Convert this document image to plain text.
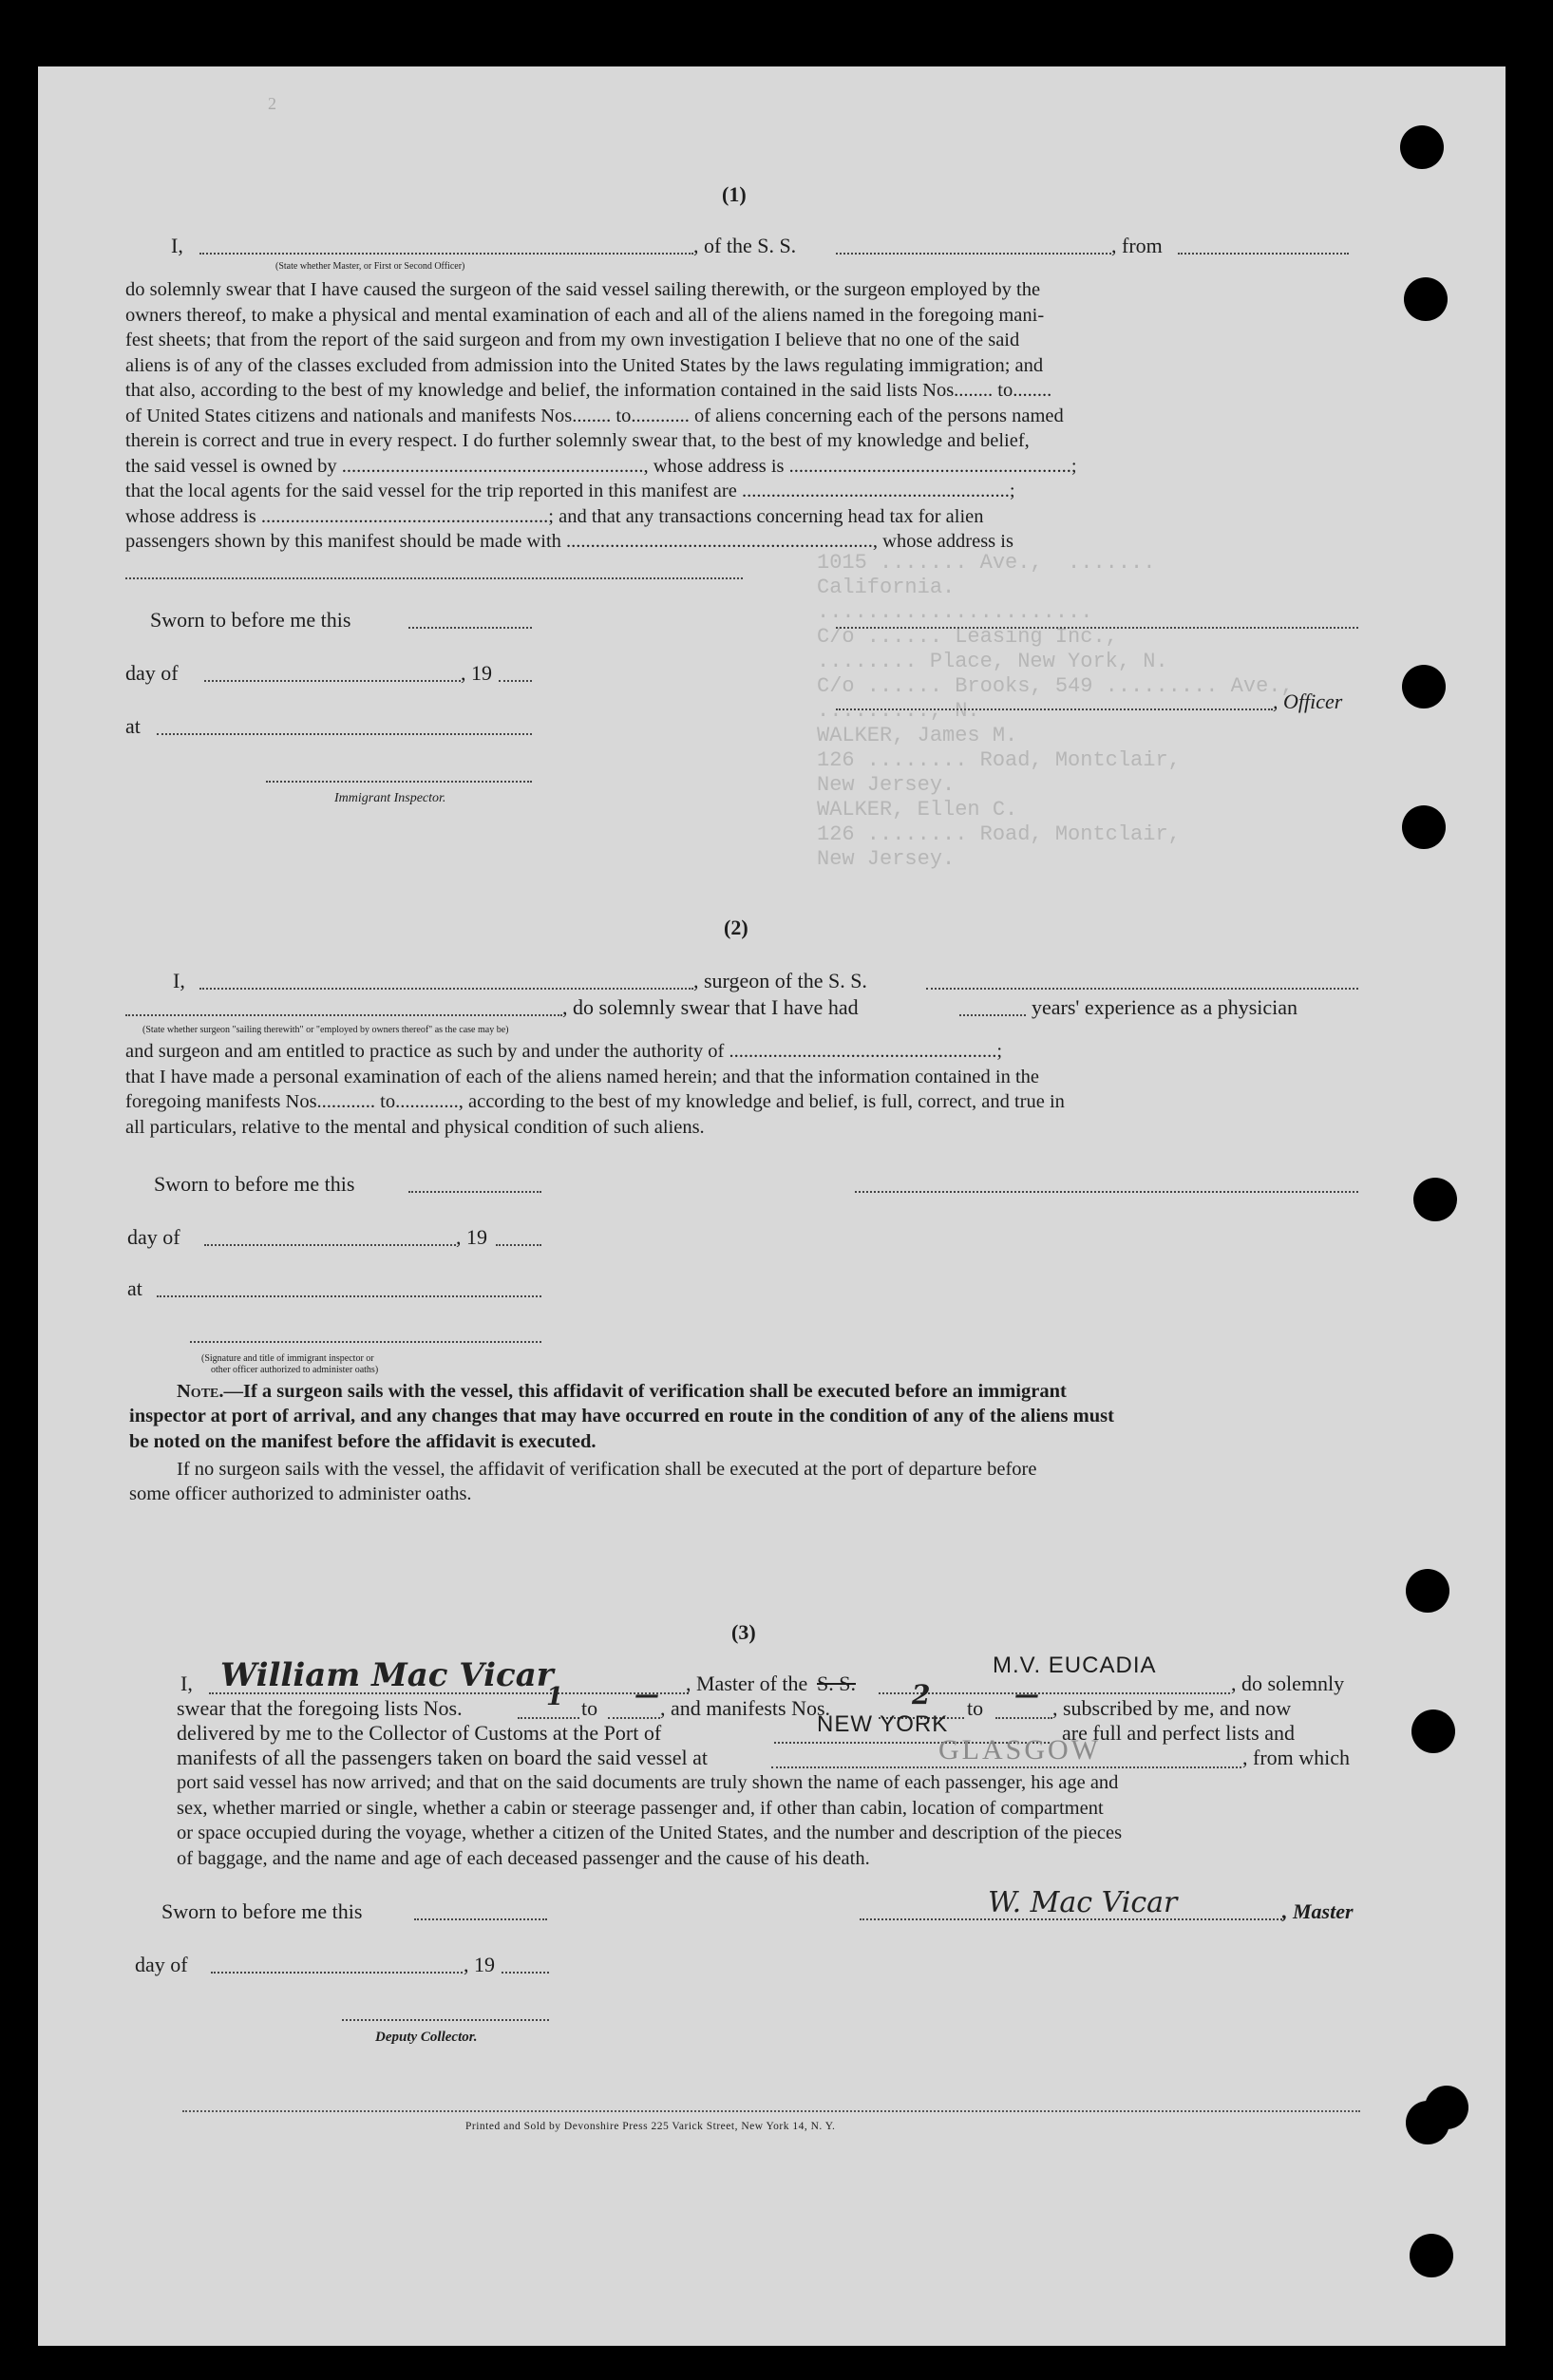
1015 ....... Ave.,  .......
California.
......................
C/o ...... Leasing Inc.,
........ Place, New York, N.
C/o ...... Brooks, 549 ......... Ave.,
........., N.
WALKER, James M.
126 ........ Road, Montclair,
New Jersey.
WALKER, Ellen C.
126 ........ Road, Montclair,
New Jersey.
2
(1)
I,	, of the S. S.	, from
(State whether Master, or First or Second Officer)
do solemnly swear that I have caused the surgeon of the said vessel sailing therewith, or the surgeon employed by the
owners thereof, to make a physical and mental examination of each and all of the aliens named in the foregoing mani-
fest sheets; that from the report of the said surgeon and from my own investigation I believe that no one of the said
aliens is of any of the classes excluded from admission into the United States by the laws regulating immigration; and
that also, according to the best of my knowledge and belief, the information contained in the said lists Nos........ to........
of United States citizens and nationals and manifests Nos........ to............ of aliens concerning each of the persons named
therein is correct and true in every respect. I do further solemnly swear that, to the best of my knowledge and belief,
the said vessel is owned by .............................................................., whose address is ..........................................................;
that the local agents for the said vessel for the trip reported in this manifest are .......................................................;
whose address is ...........................................................; and that any transactions concerning head tax for alien
passengers shown by this manifest should be made with ..............................................................., whose address is
Sworn to before me this
day of	, 19
, Officer
at
Immigrant Inspector.
(2)
I,	, surgeon of the S. S.
, do solemnly swear that I have had	years' experience as a physician
(State whether surgeon "sailing therewith" or "employed by owners thereof" as the case may be)
and surgeon and am entitled to practice as such by and under the authority of .......................................................;
that I have made a personal examination of each of the aliens named herein; and that the information contained in the
foregoing manifests Nos............ to............., according to the best of my knowledge and belief, is full, correct, and true in
all particulars, relative to the mental and physical condition of such aliens.
Sworn to before me this
day of	, 19
at
(Signature and title of immigrant inspector or
other officer authorized to administer oaths)
Note.—If a surgeon sails with the vessel, this affidavit of verification shall be executed before an immigrant
inspector at port of arrival, and any changes that may have occurred en route in the condition of any of the aliens must
be noted on the manifest before the affidavit is executed.
If no surgeon sails with the vessel, the affidavit of verification shall be executed at the port of departure before
some officer authorized to administer oaths.
(3)
I, William Mac Vicar	, Master of the S. S.
M.V. EUCADIA
, do solemnly
swear that the foregoing lists Nos.	1 to — , and manifests Nos.	2 to — , subscribed by me, and now
delivered by me to the Collector of Customs at the Port of	NEW YORK	are full and perfect lists and
manifests of all the passengers taken on board the said vessel at	GLASGOW	, from which
port said vessel has now arrived; and that on the said documents are truly shown the name of each passenger, his age and
sex, whether married or single, whether a cabin or steerage passenger and, if other than cabin, location of compartment
or space occupied during the voyage, whether a citizen of the United States, and the number and description of the pieces
of baggage, and the name and age of each deceased passenger and the cause of his death.
Sworn to before me this	W. Mac Vicar	, Master
day of	, 19
Deputy Collector.
Printed and Sold by Devonshire Press 225 Varick Street, New York 14, N. Y.
